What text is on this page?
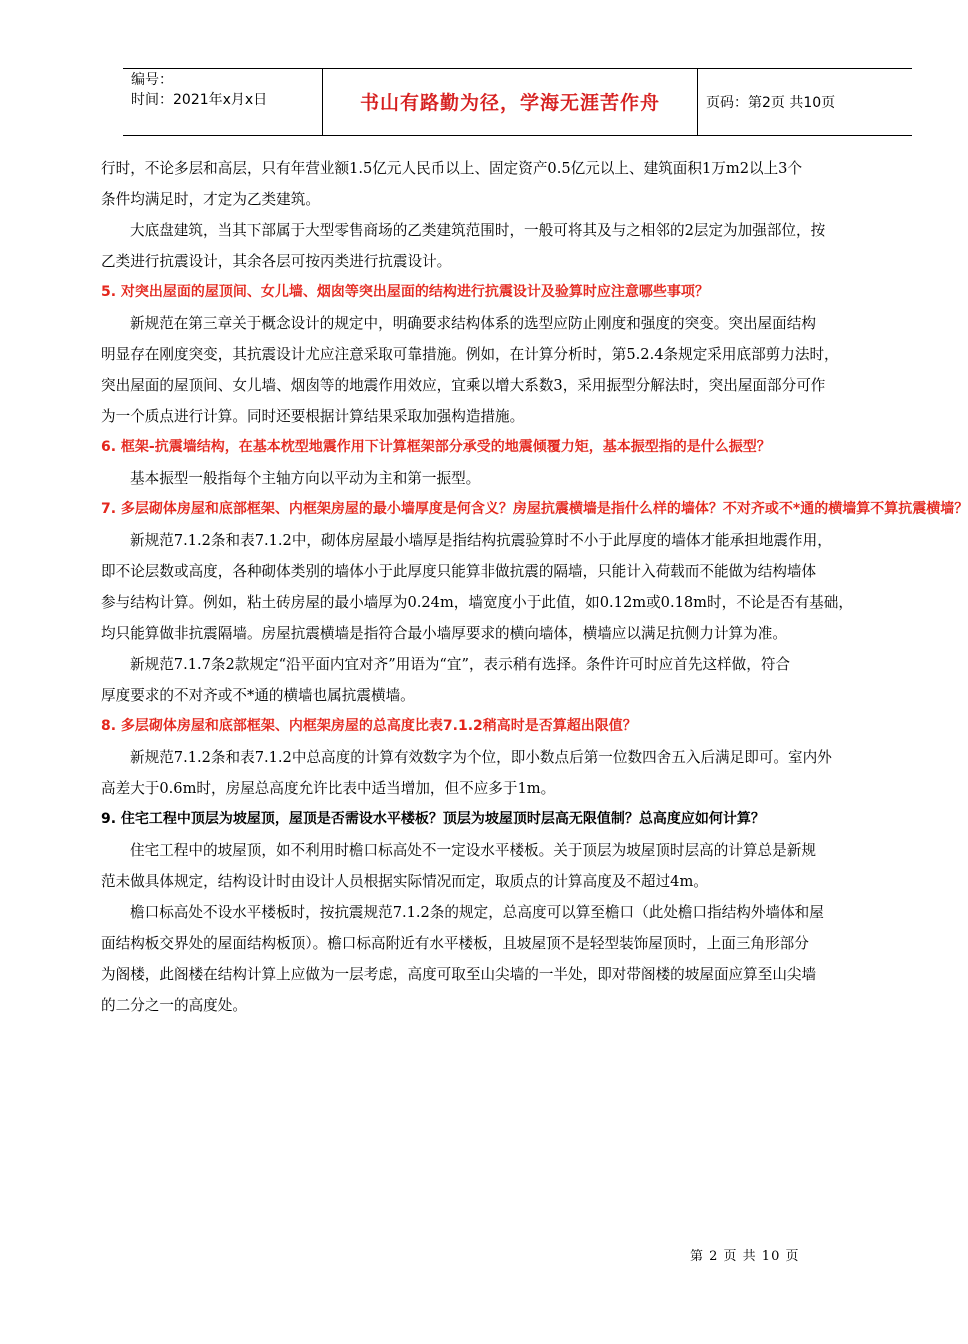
编号：
时间：2021年x月x日	书山有路勤为径，学海无涯苦作舟	页码：第2页 共10页
行时，不论多层和高层，只有年营业额1.5亿元人民币以上、固定资产0.5亿元以上、建筑面积1万m2以上3个
条件均满足时，才定为乙类建筑。
大底盘建筑，当其下部属于大型零售商场的乙类建筑范围时，一般可将其及与之相邻的2层定为加强部位，按
乙类进行抗震设计，其余各层可按丙类进行抗震设计。
5. 对突出屋面的屋顶间、女儿墙、烟囱等突出屋面的结构进行抗震设计及验算时应注意哪些事项？
新规范在第三章关于概念设计的规定中，明确要求结构体系的选型应防止刚度和强度的突变。突出屋面结构
明显存在刚度突变，其抗震设计尤应注意采取可靠措施。例如，在计算分析时，第5.2.4条规定采用底部剪力法时，
突出屋面的屋顶间、女儿墙、烟囱等的地震作用效应，宜乘以增大系数3，采用振型分解法时，突出屋面部分可作
为一个质点进行计算。同时还要根据计算结果采取加强构造措施。
6. 框架-抗震墙结构，在基本枕型地震作用下计算框架部分承受的地震倾覆力矩，基本振型指的是什么振型？
基本振型一般指每个主轴方向以平动为主和第一振型。
7. 多层砌体房屋和底部框架、内框架房屋的最小墙厚度是何含义？房屋抗震横墙是指什么样的墙体？不对齐或不*通的横墙算不算抗震横墙？
新规范7.1.2条和表7.1.2中，砌体房屋最小墙厚是指结构抗震验算时不小于此厚度的墙体才能承担地震作用，
即不论层数或高度，各种砌体类别的墙体小于此厚度只能算非做抗震的隔墙，只能计入荷载而不能做为结构墙体
参与结构计算。例如，粘土砖房屋的最小墙厚为0.24m，墙宽度小于此值，如0.12m或0.18m时，不论是否有基础，
均只能算做非抗震隔墙。房屋抗震横墙是指符合最小墙厚要求的横向墙体，横墙应以满足抗侧力计算为准。
新规范7.1.7条2款规定“沿平面内宜对齐”用语为“宜”，表示稍有选择。条件许可时应首先这样做，符合
厚度要求的不对齐或不*通的横墙也属抗震横墙。
8. 多层砌体房屋和底部框架、内框架房屋的总高度比表7.1.2稍高时是否算超出限值？
新规范7.1.2条和表7.1.2中总高度的计算有效数字为个位，即小数点后第一位数四舍五入后满足即可。室内外
高差大于0.6m时，房屋总高度允许比表中适当增加，但不应多于1m。
9. 住宅工程中顶层为坡屋顶，屋顶是否需设水平楼板？顶层为坡屋顶时层高无限值制？总高度应如何计算？
住宅工程中的坡屋顶，如不利用时檐口标高处不一定设水平楼板。关于顶层为坡屋顶时层高的计算总是新规
范未做具体规定，结构设计时由设计人员根据实际情况而定，取质点的计算高度及不超过4m。
檐口标高处不设水平楼板时，按抗震规范7.1.2条的规定，总高度可以算至檐口（此处檐口指结构外墙体和屋
面结构板交界处的屋面结构板顶）。檐口标高附近有水平楼板，且坡屋顶不是轻型装饰屋顶时，上面三角形部分
为阁楼，此阁楼在结构计算上应做为一层考虑，高度可取至山尖墙的一半处，即对带阁楼的坡屋面应算至山尖墙
的二分之一的高度处。
第 2 页 共 10 页
